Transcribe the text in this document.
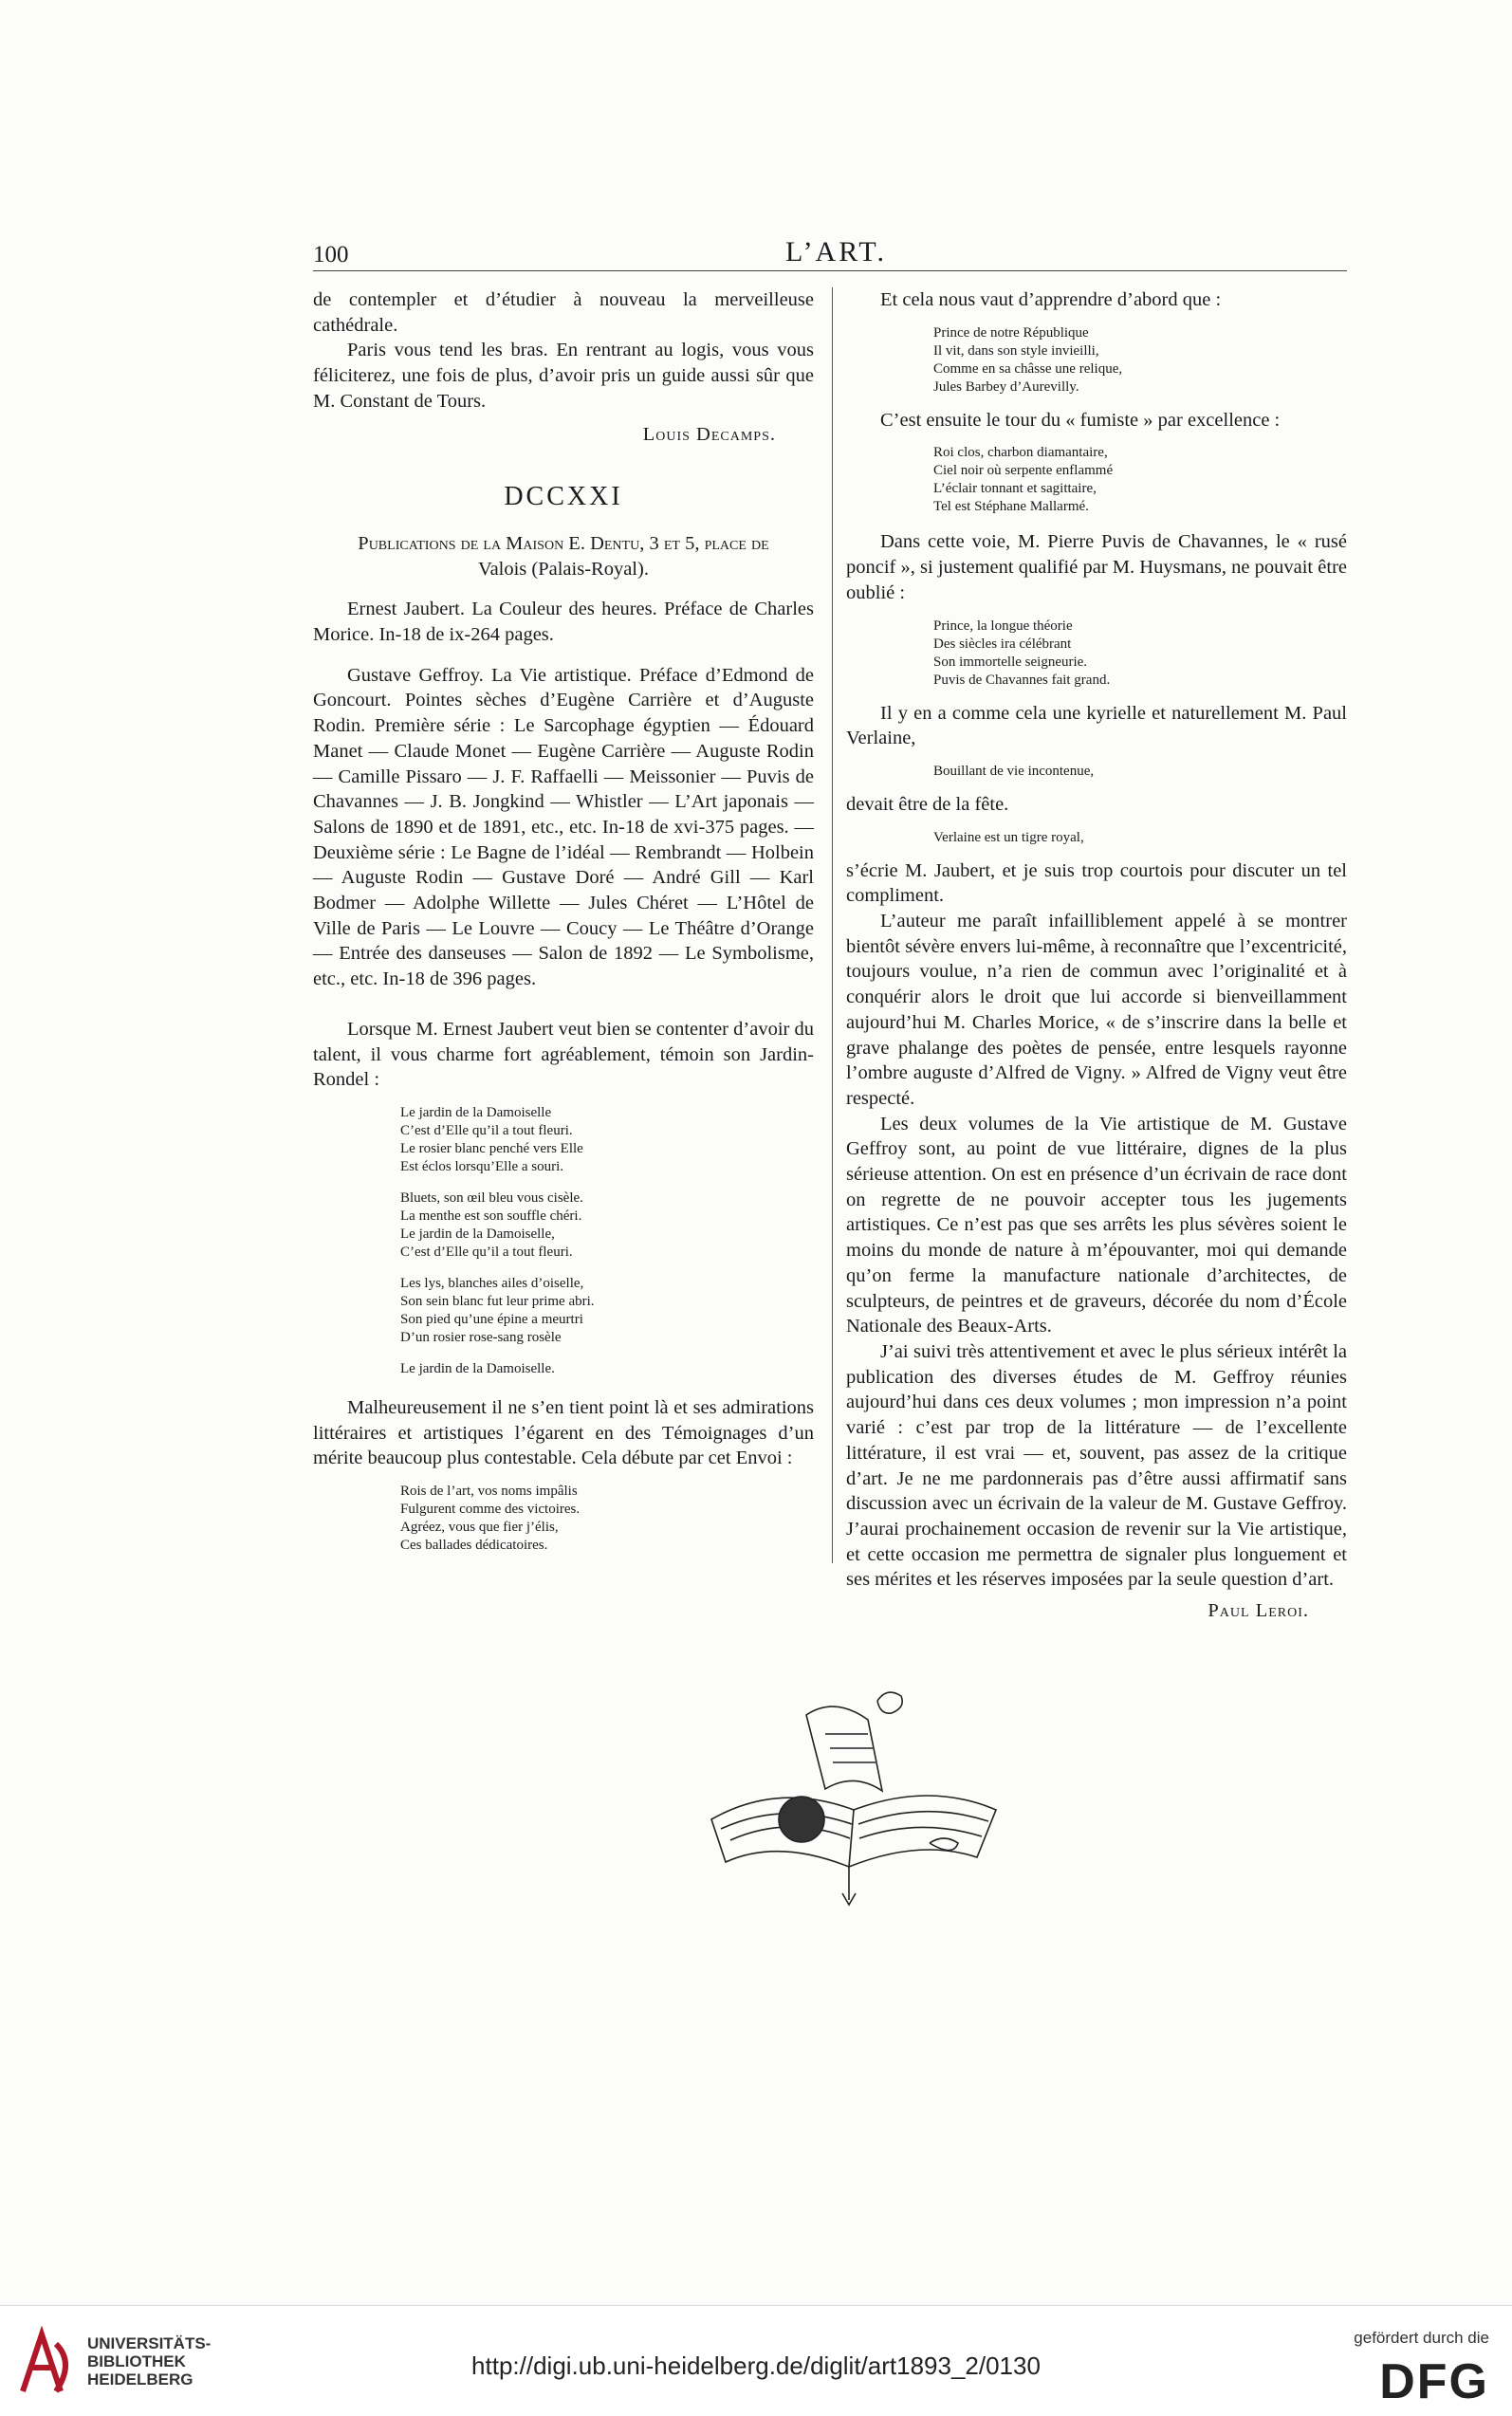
100	L’ART.

de contempler et d’étudier à nouveau la merveilleuse cathédrale.

Paris vous tend les bras. En rentrant au logis, vous vous féliciterez, une fois de plus, d’avoir pris un guide aussi sûr que M. Constant de Tours.

Louis Decamps.

DCCXXI

Publications de la Maison E. Dentu, 3 et 5, place de

Valois (Palais-Royal).

Ernest Jaubert. La Couleur des heures. Préface de Charles Morice. In-18 de ix-264 pages.

Gustave Geffroy. La Vie artistique. Préface d’Edmond de Goncourt. Pointes sèches d’Eugène Carrière et d’Auguste Rodin. Première série : Le Sarcophage égyptien — Édouard Manet — Claude Monet — Eugène Carrière — Auguste Rodin — Camille Pissaro — J. F. Raffaelli — Meissonier — Puvis de Chavannes — J. B. Jongkind — Whistler — L’Art japonais — Salons de 1890 et de 1891, etc., etc. In-18 de xvi-375 pages. — Deuxième série : Le Bagne de l’idéal — Rembrandt — Holbein — Auguste Rodin — Gustave Doré — André Gill — Karl Bodmer — Adolphe Willette — Jules Chéret — L’Hôtel de Ville de Paris — Le Louvre — Coucy — Le Théâtre d’Orange — Entrée des danseuses — Salon de 1892 — Le Symbolisme, etc., etc. In-18 de 396 pages.

Lorsque M. Ernest Jaubert veut bien se contenter d’avoir du talent, il vous charme fort agréablement, témoin son Jardin-Rondel :

Le jardin de la Damoiselle
C’est d’Elle qu’il a tout fleuri.
Le rosier blanc penché vers Elle
Est éclos lorsqu’Elle a souri.
Bluets, son œil bleu vous cisèle.
La menthe est son souffle chéri.
Le jardin de la Damoiselle,
C’est d’Elle qu’il a tout fleuri.
Les lys, blanches ailes d’oiselle,
Son sein blanc fut leur prime abri.
Son pied qu’une épine a meurtri
D’un rosier rose-sang rosèle
Le jardin de la Damoiselle.

Malheureusement il ne s’en tient point là et ses admirations littéraires et artistiques l’égarent en des Témoignages d’un mérite beaucoup plus contestable. Cela débute par cet Envoi :

Rois de l’art, vos noms impâlis
Fulgurent comme des victoires.
Agréez, vous que fier j’élis,
Ces ballades dédicatoires.

Et cela nous vaut d’apprendre d’abord que :

Prince de notre République
Il vit, dans son style invieilli,
Comme en sa châsse une relique,
Jules Barbey d’Aurevilly.

C’est ensuite le tour du « fumiste » par excellence :

Roi clos, charbon diamantaire,
Ciel noir où serpente enflammé
L’éclair tonnant et sagittaire,
Tel est Stéphane Mallarmé.

Dans cette voie, M. Pierre Puvis de Chavannes, le « rusé poncif », si justement qualifié par M. Huysmans, ne pouvait être oublié :

Prince, la longue théorie
Des siècles ira célébrant
Son immortelle seigneurie.
Puvis de Chavannes fait grand.

Il y en a comme cela une kyrielle et naturellement M. Paul Verlaine,

Bouillant de vie incontenue,

devait être de la fête.

Verlaine est un tigre royal,

s’écrie M. Jaubert, et je suis trop courtois pour discuter un tel compliment.

L’auteur me paraît infailliblement appelé à se montrer bientôt sévère envers lui-même, à reconnaître que l’excentricité, toujours voulue, n’a rien de commun avec l’originalité et à conquérir alors le droit que lui accorde si bienveillamment aujourd’hui M. Charles Morice, « de s’inscrire dans la belle et grave phalange des poètes de pensée, entre lesquels rayonne l’ombre auguste d’Alfred de Vigny. » Alfred de Vigny veut être respecté.

Les deux volumes de la Vie artistique de M. Gustave Geffroy sont, au point de vue littéraire, dignes de la plus sérieuse attention. On est en présence d’un écrivain de race dont on regrette de ne pouvoir accepter tous les jugements artistiques. Ce n’est pas que ses arrêts les plus sévères soient le moins du monde de nature à m’épouvanter, moi qui demande qu’on ferme la manufacture nationale d’architectes, de sculpteurs, de peintres et de graveurs, décorée du nom d’École Nationale des Beaux-Arts.

J’ai suivi très attentivement et avec le plus sérieux intérêt la publication des diverses études de M. Geffroy réunies aujourd’hui dans ces deux volumes ; mon impression n’a point varié : c’est par trop de la littérature — de l’excellente littérature, il est vrai — et, souvent, pas assez de la critique d’art. Je ne me pardonnerais pas d’être aussi affirmatif sans discussion avec un écrivain de la valeur de M. Gustave Geffroy. J’aurai prochainement occasion de revenir sur la Vie artistique, et cette occasion me permettra de signaler plus longuement et ses mérites et les réserves imposées par la seule question d’art.

Paul Leroi.

UNIVERSITÄTS-
BIBLIOTHEK
HEIDELBERG	http://digi.ub.uni-heidelberg.de/diglit/art1893_2/0130
gefördert durch die
DFG
